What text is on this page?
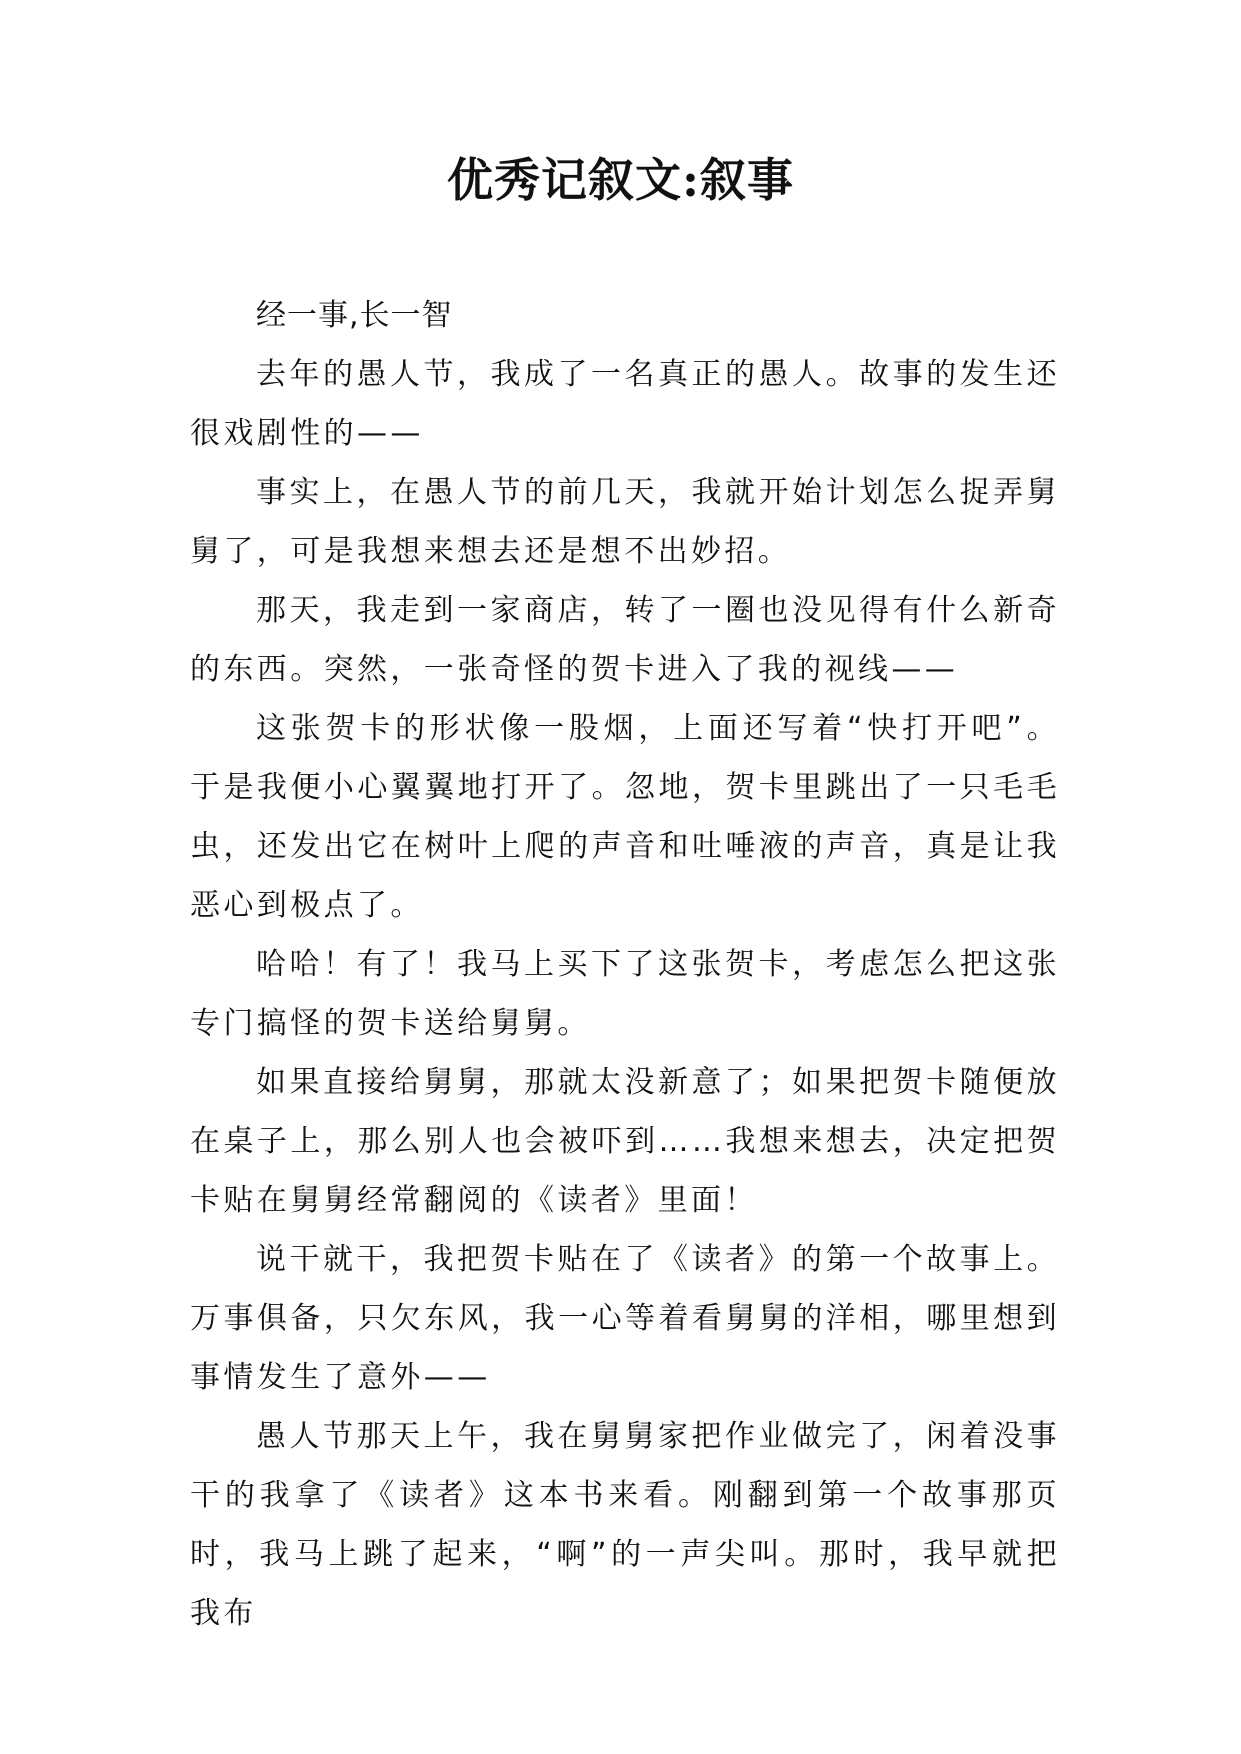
优秀记叙文:叙事

经一事,长一智

去年的愚人节，我成了一名真正的愚人。故事的发生还很戏剧性的——

事实上，在愚人节的前几天，我就开始计划怎么捉弄舅舅了，可是我想来想去还是想不出妙招。

那天，我走到一家商店，转了一圈也没见得有什么新奇的东西。突然，一张奇怪的贺卡进入了我的视线——

这张贺卡的形状像一股烟，上面还写着“快打开吧”。于是我便小心翼翼地打开了。忽地，贺卡里跳出了一只毛毛虫，还发出它在树叶上爬的声音和吐唾液的声音，真是让我恶心到极点了。

哈哈！有了！我马上买下了这张贺卡，考虑怎么把这张专门搞怪的贺卡送给舅舅。

如果直接给舅舅，那就太没新意了；如果把贺卡随便放在桌子上，那么别人也会被吓到……我想来想去，决定把贺卡贴在舅舅经常翻阅的《读者》里面！

说干就干，我把贺卡贴在了《读者》的第一个故事上。万事俱备，只欠东风，我一心等着看舅舅的洋相，哪里想到事情发生了意外——

愚人节那天上午，我在舅舅家把作业做完了，闲着没事干的我拿了《读者》这本书来看。刚翻到第一个故事那页时，我马上跳了起来，“啊”的一声尖叫。那时，我早就把我布
